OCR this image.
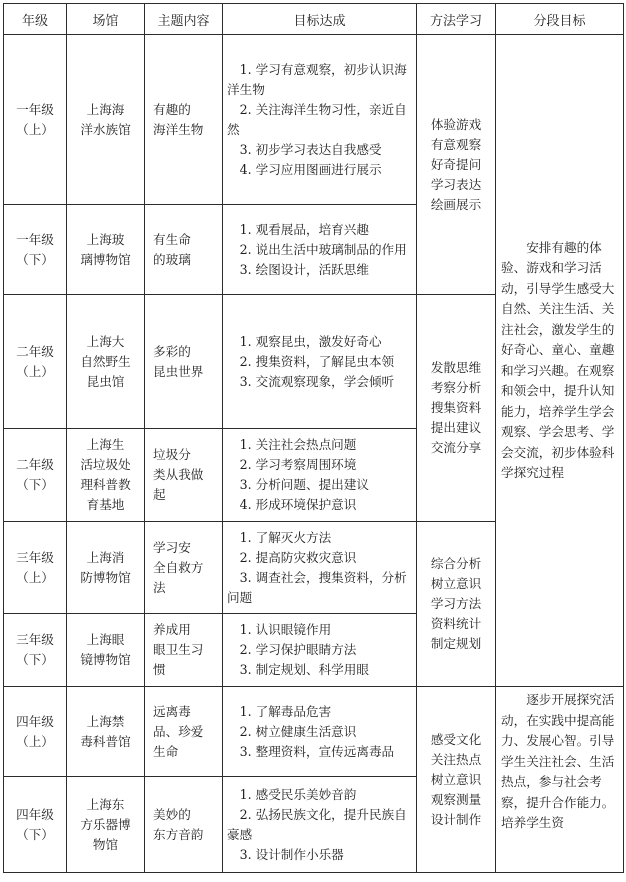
年级	场馆	主题内容	目标达成	方法学习	分段目标

一年级
（上）	上海海
洋水族馆	有趣的
海洋生物	1. 学习有意观察，初步认识海洋生物
2. 关注海洋生物习性，亲近自然
3. 初步学习表达自我感受
4. 学习应用图画进行展示	体验游戏
有意观察
好奇提问
学习表达
绘画展示	安排有趣的体验、游戏和学习活动，引导学生感受大自然、关注生活、关注社会，激发学生的好奇心、童心、童趣和学习兴趣。在观察和领会中，提升认知能力，培养学生学会观察、学会思考、学会交流，初步体验科学探究过程

一年级
（下）	上海玻
璃博物馆	有生命
的玻璃	1. 观看展品，培育兴趣
2. 说出生活中玻璃制品的作用
3. 绘图设计，活跃思维		

二年级
（上）	上海大
自然野生
昆虫馆	多彩的
昆虫世界	1. 观察昆虫，激发好奇心
2. 搜集资料，了解昆虫本领
3. 交流观察现象，学会倾听	发散思维
考察分析
搜集资料
提出建议
交流分享	

二年级
（下）	上海生
活垃圾处
理科普教
育基地	垃圾分
类从我做
起	1. 关注社会热点问题
2. 学习考察周围环境
3. 分析问题、提出建议
4. 形成环境保护意识		

三年级
（上）	上海消
防博物馆	学习安
全自救方
法	1. 了解灭火方法
2. 提高防灾救灾意识
3. 调查社会，搜集资料，分析问题	综合分析
树立意识
学习方法
资料统计
制定规划	

三年级
（下）	上海眼
镜博物馆	养成用
眼卫生习
惯	1. 认识眼镜作用
2. 学习保护眼睛方法
3. 制定规划、科学用眼		

四年级
（上）	上海禁
毒科普馆	远离毒
品、珍爱
生命	1. 了解毒品危害
2. 树立健康生活意识
3. 整理资料，宣传远离毒品	感受文化
关注热点
树立意识
观察测量
设计制作	逐步开展探究活动，在实践中提高能力、发展心智。引导学生关注社会、生活热点，参与社会考察，提升合作能力。培养学生资

四年级
（下）	上海东
方乐器博
物馆	美妙的
东方音韵	1. 感受民乐美妙音韵
2. 弘扬民族文化，提升民族自豪感
3. 设计制作小乐器		
